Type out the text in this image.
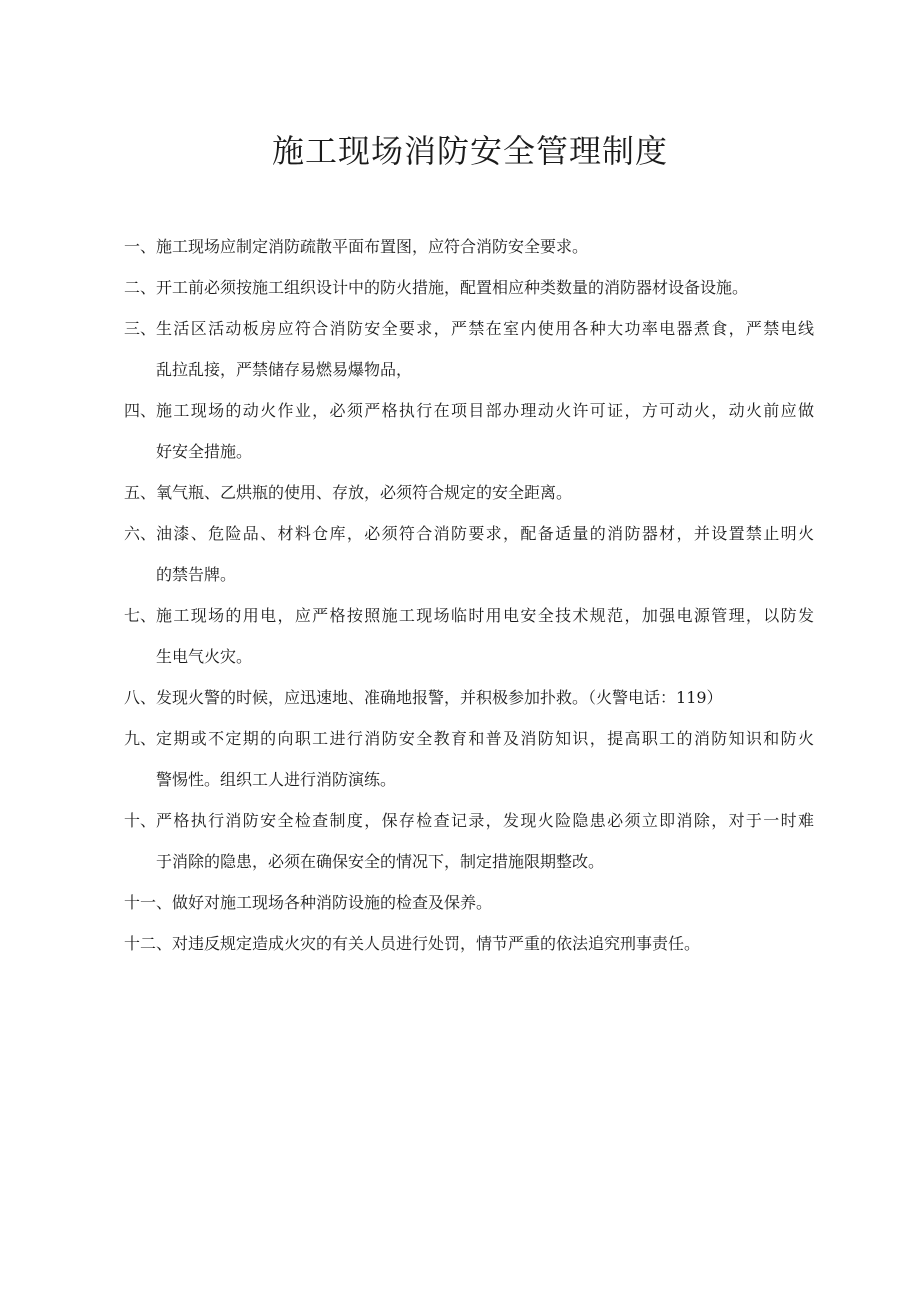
施工现场消防安全管理制度
一、 施工现场应制定消防疏散平面布置图，应符合消防安全要求。
二、 开工前必须按施工组织设计中的防火措施，配置相应种类数量的消防器材设备设施。
三、 生活区活动板房应符合消防安全要求，严禁在室内使用各种大功率电器煮食，严禁电线
乱拉乱接，严禁储存易燃易爆物品，
四、 施工现场的动火作业，必须严格执行在项目部办理动火许可证，方可动火，动火前应做
好安全措施。
五、 氧气瓶、乙烘瓶的使用、存放，必须符合规定的安全距离。
六、 油漆、危险品、材料仓库，必须符合消防要求，配备适量的消防器材，并设置禁止明火
的禁告牌。
七、 施工现场的用电，应严格按照施工现场临时用电安全技术规范，加强电源管理，以防发
生电气火灾。
八、 发现火警的时候，应迅速地、准确地报警，并积极参加扑救。（火警电话：119）
九、 定期或不定期的向职工进行消防安全教育和普及消防知识，提高职工的消防知识和防火
警惕性。组织工人进行消防演练。
十、 严格执行消防安全检查制度，保存检查记录，发现火险隐患必须立即消除，对于一时难
于消除的隐患，必须在确保安全的情况下，制定措施限期整改。
十一、 做好对施工现场各种消防设施的检查及保养。
十二、 对违反规定造成火灾的有关人员进行处罚，情节严重的依法追究刑事责任。
